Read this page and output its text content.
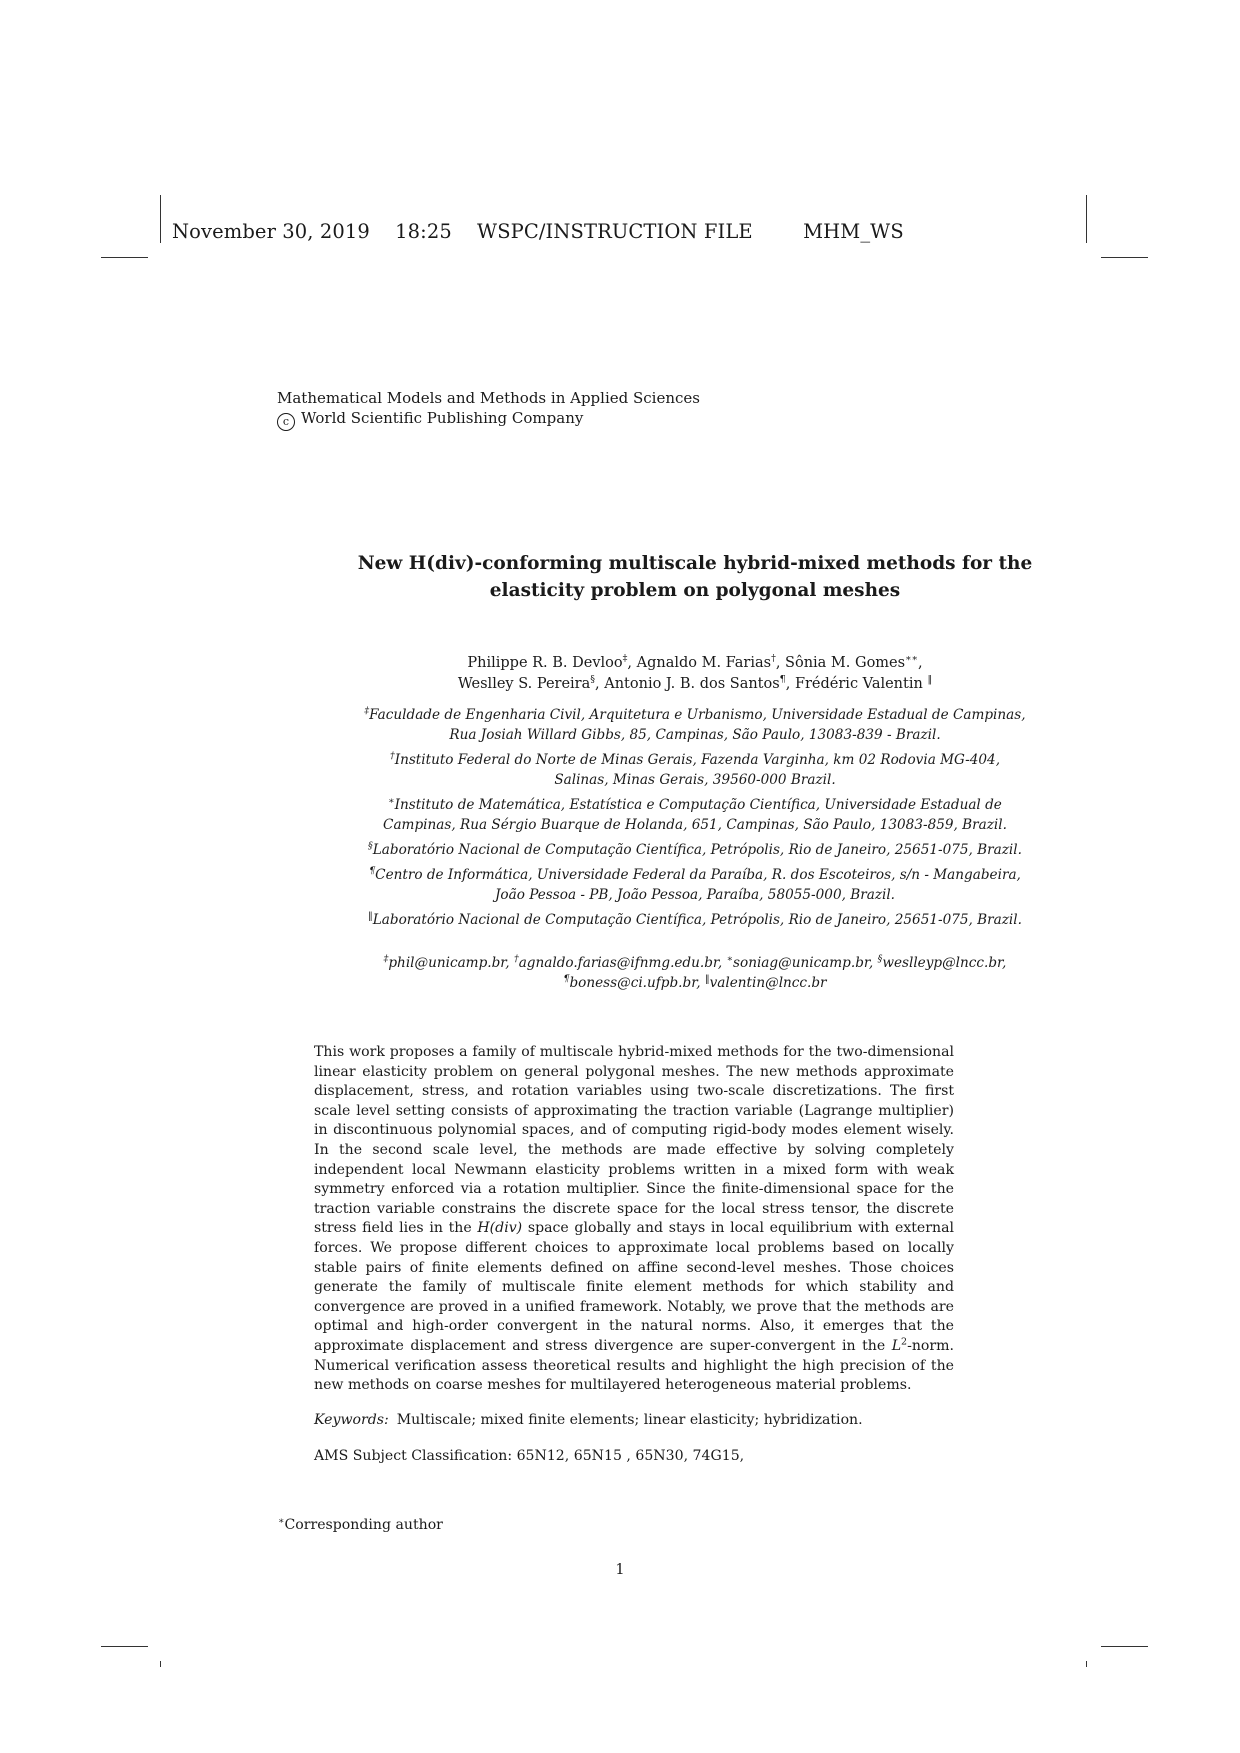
November 30, 2019 18:25 WSPC/INSTRUCTION FILE	MHM_WS
Mathematical Models and Methods in Applied Sciences
c World Scientific Publishing Company
New H(div)-conforming multiscale hybrid-mixed methods for the
elasticity problem on polygonal meshes
Philippe R. B. Devloo‡, Agnaldo M. Farias†, Sônia M. Gomes∗∗,
Weslley S. Pereira§, Antonio J. B. dos Santos¶, Frédéric Valentin ‖
‡Faculdade de Engenharia Civil, Arquitetura e Urbanismo, Universidade Estadual de Campinas,
Rua Josiah Willard Gibbs, 85, Campinas, São Paulo, 13083-839 - Brazil.
†Instituto Federal do Norte de Minas Gerais, Fazenda Varginha, km 02 Rodovia MG-404,
Salinas, Minas Gerais, 39560-000 Brazil.
∗Instituto de Matemática, Estatística e Computação Científica, Universidade Estadual de
Campinas, Rua Sérgio Buarque de Holanda, 651, Campinas, São Paulo, 13083-859, Brazil.
§Laboratório Nacional de Computação Científica, Petrópolis, Rio de Janeiro, 25651-075, Brazil.
¶Centro de Informática, Universidade Federal da Paraíba, R. dos Escoteiros, s/n - Mangabeira,
João Pessoa - PB, João Pessoa, Paraíba, 58055-000, Brazil.
‖Laboratório Nacional de Computação Científica, Petrópolis, Rio de Janeiro, 25651-075, Brazil.
‡phil@unicamp.br, †agnaldo.farias@ifnmg.edu.br, ∗soniag@unicamp.br, §weslleyp@lncc.br,
¶boness@ci.ufpb.br, ‖valentin@lncc.br
This work proposes a family of multiscale hybrid-mixed methods for the two-dimensional linear elasticity problem on general polygonal meshes. The new methods approximate displacement, stress, and rotation variables using two-scale discretizations. The first scale level setting consists of approximating the traction variable (Lagrange multiplier) in discontinuous polynomial spaces, and of computing rigid-body modes element wisely. In the second scale level, the methods are made effective by solving completely independent local Newmann elasticity problems written in a mixed form with weak symmetry enforced via a rotation multiplier. Since the finite-dimensional space for the traction variable constrains the discrete space for the local stress tensor, the discrete stress field lies in the H(div) space globally and stays in local equilibrium with external forces. We propose different choices to approximate local problems based on locally stable pairs of finite elements defined on affine second-level meshes. Those choices generate the family of multiscale finite element methods for which stability and convergence are proved in a unified framework. Notably, we prove that the methods are optimal and high-order convergent in the natural norms. Also, it emerges that the approximate displacement and stress divergence are super-convergent in the $L^2$-norm. Numerical verification assess theoretical results and highlight the high precision of the new methods on coarse meshes for multilayered heterogeneous material problems.
Keywords: Multiscale; mixed finite elements; linear elasticity; hybridization.
AMS Subject Classification: 65N12, 65N15 , 65N30, 74G15,
∗Corresponding author
1
